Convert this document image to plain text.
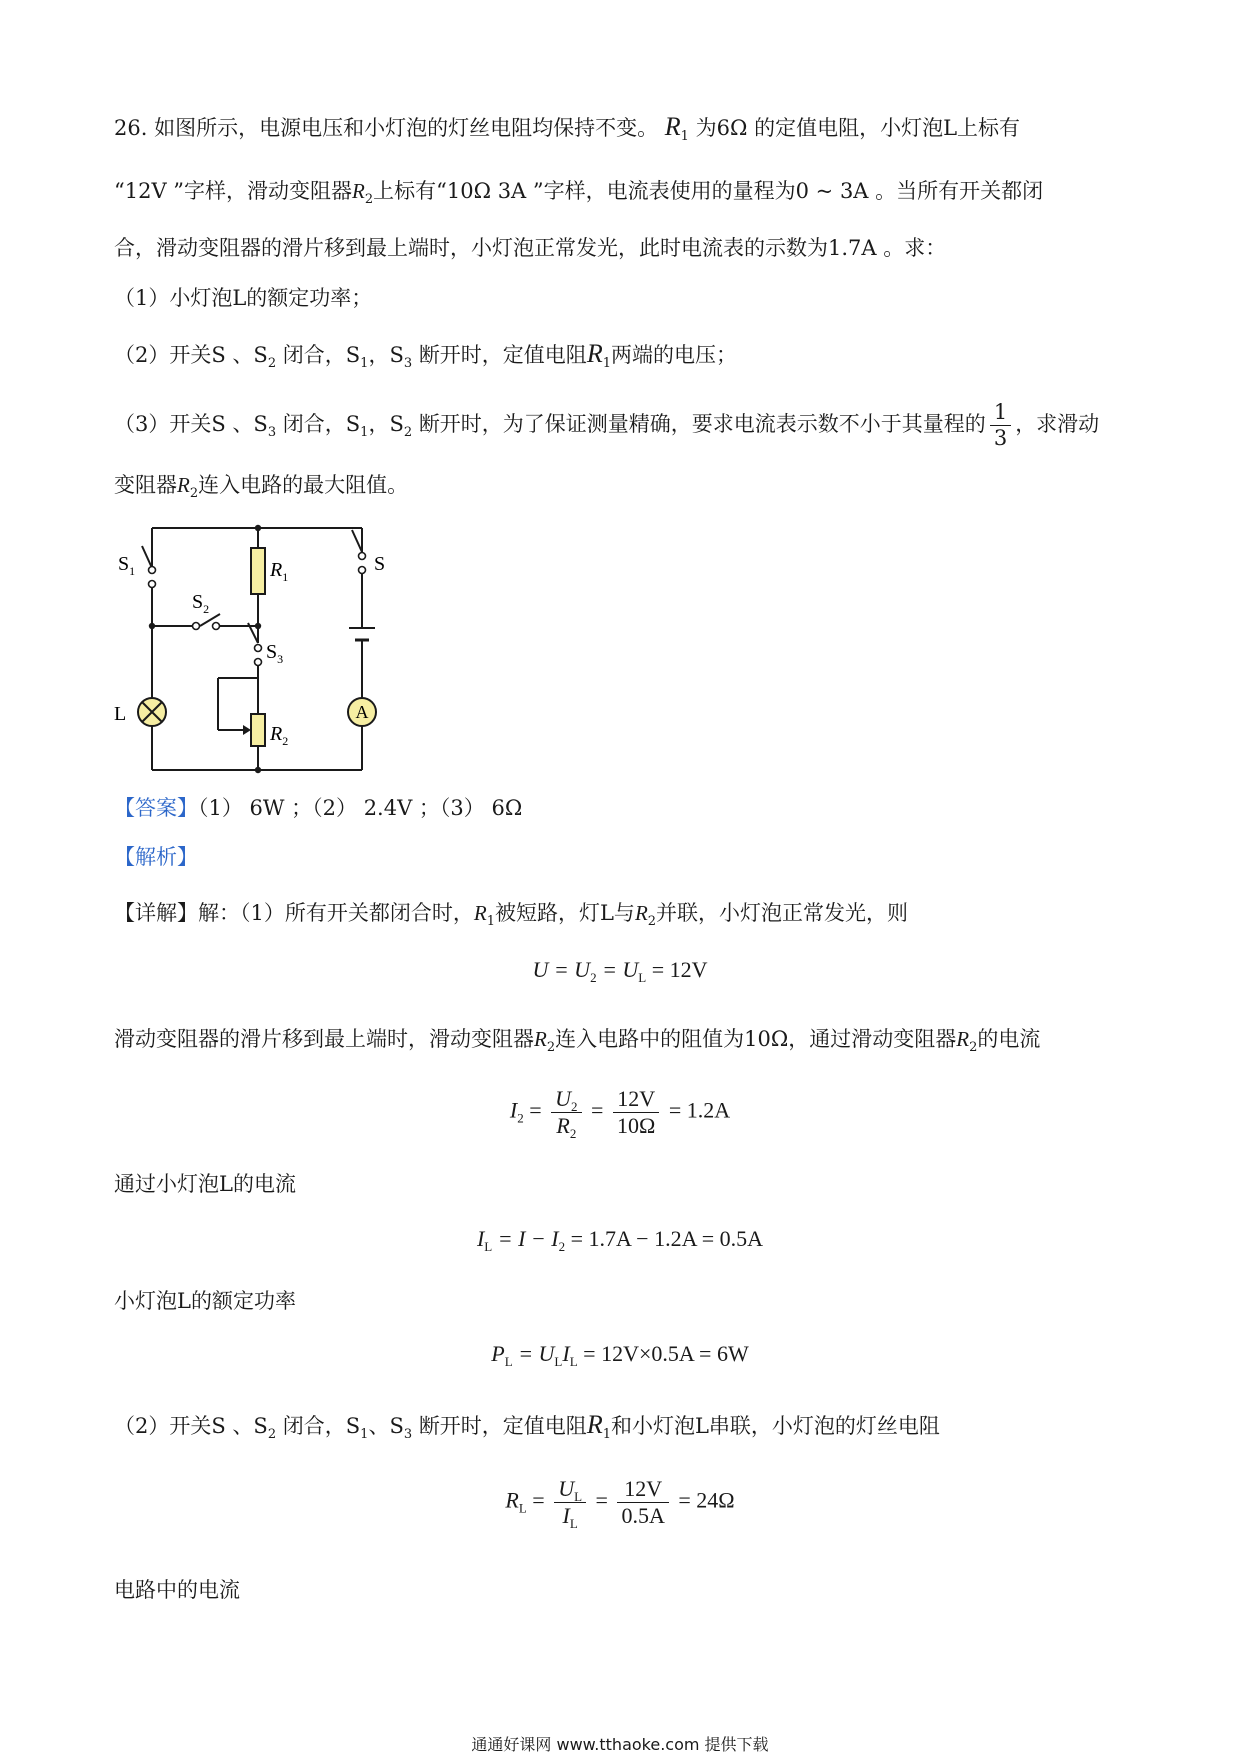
26. 如图所示，电源电压和小灯泡的灯丝电阻均保持不变。 $R_1$ 为6Ω 的定值电阻，小灯泡L上标有
“12V ”字样，滑动变阻器$R_2$上标有“10Ω 3A ”字样，电流表使用的量程为0 ~ 3A 。当所有开关都闭
合，滑动变阻器的滑片移到最上端时，小灯泡正常发光，此时电流表的示数为1.7A 。求：
（1）小灯泡L的额定功率；
（2）开关S 、$S_2$ 闭合，$S_1$，$S_3$ 断开时，定值电阻$R_1$两端的电压；
（3）开关S 、$S_3$ 闭合，$S_1$，$S_2$ 断开时，为了保证测量精确，要求电流表示数不小于其量程的 $\frac{1}{3}$ ，求滑动
变阻器$R_2$连入电路的最大阻值。
A
$S_1$
$S_2$
$S_3$
S
$R_1$
$R_2$
L
【答案】（1） 6W ；（2） 2.4V ；（3） 6Ω
【解析】
【详解】解：（1）所有开关都闭合时，$R_1$被短路，灯L与$R_2$并联，小灯泡正常发光，则
$U = U_2 = U_L = 12V$
滑动变阻器的滑片移到最上端时，滑动变阻器$R_2$连入电路中的阻值为10Ω，通过滑动变阻器$R_2$的电流
$I_2 = \frac{U_2}{R_2} = \frac{12V}{10\Omega} = 1.2A$
通过小灯泡L的电流
$I_L = I - I_2 = 1.7A - 1.2A = 0.5A$
小灯泡L的额定功率
$P_L = U_LI_L = 12V\times 0.5A = 6W$
（2）开关S 、$S_2$ 闭合，$S_1$、$S_3$ 断开时，定值电阻$R_1$和小灯泡L串联，小灯泡的灯丝电阻
$R_L = \frac{U_L}{I_L} = \frac{12V}{0.5A} = 24\Omega$
电路中的电流
通通好课网 www.tthaoke.com 提供下载
